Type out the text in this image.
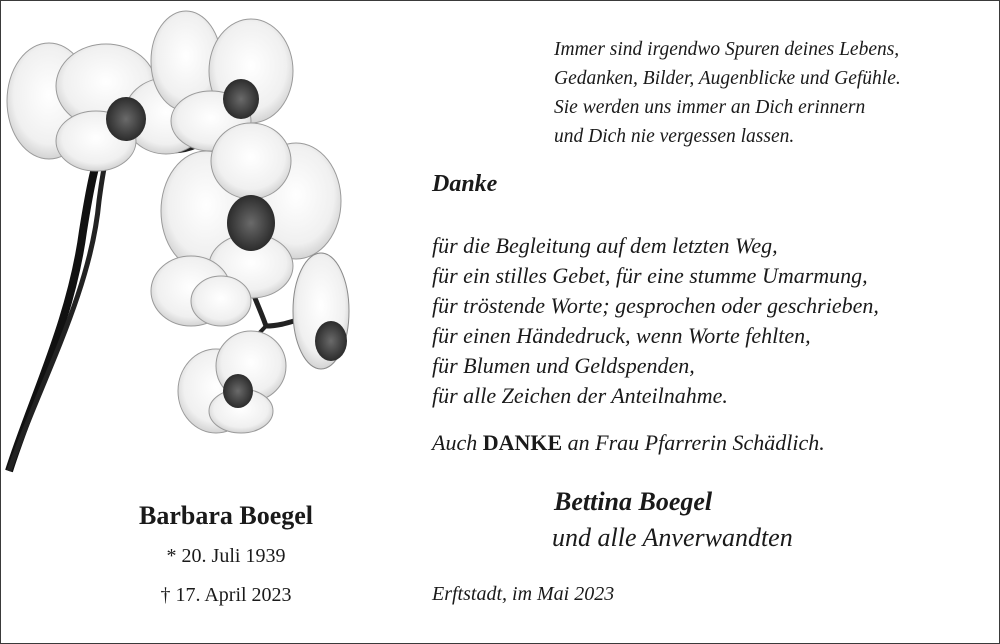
Immer sind irgendwo Spuren deines Lebens,
Gedanken, Bilder, Augenblicke und Gefühle.
Sie werden uns immer an Dich erinnern
und Dich nie vergessen lassen.
Danke
für die Begleitung auf dem letzten Weg,
für ein stilles Gebet, für eine stumme Umarmung,
für tröstende Worte; gesprochen oder geschrieben,
für einen Händedruck, wenn Worte fehlten,
für Blumen und Geldspenden,
für alle Zeichen der Anteilnahme.
Auch DANKE an Frau Pfarrerin Schädlich.
Barbara Boegel
* 20. Juli 1939
† 17. April 2023
Bettina Boegel
und alle Anverwandten
Erftstadt, im Mai 2023
